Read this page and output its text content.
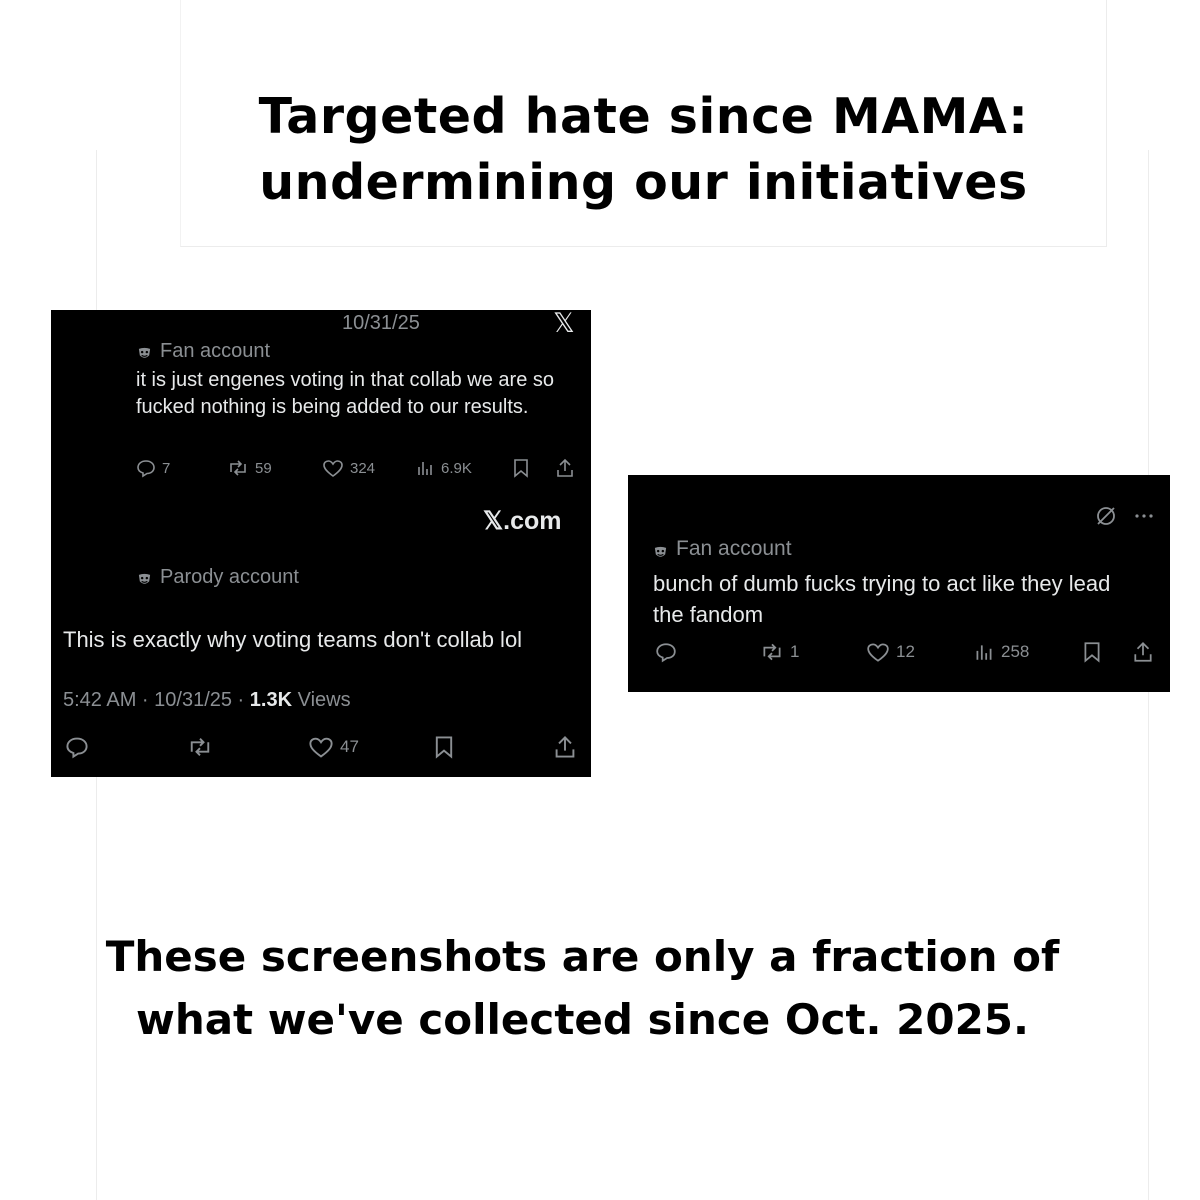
Targeted hate since MAMA:
undermining our initiatives
10/31/25	𝕏
Fan account
it is just engenes voting in that collab we are so fucked nothing is being added to our results.
7	59	324	6.9K
𝕏.com
Parody account
This is exactly why voting teams don't collab lol
5:42 AM · 10/31/25 · 1.3K Views
47
Fan account
bunch of dumb fucks trying to act like they lead the fandom
1	12	258
These screenshots are only a fraction of
what we've collected since Oct. 2025.
